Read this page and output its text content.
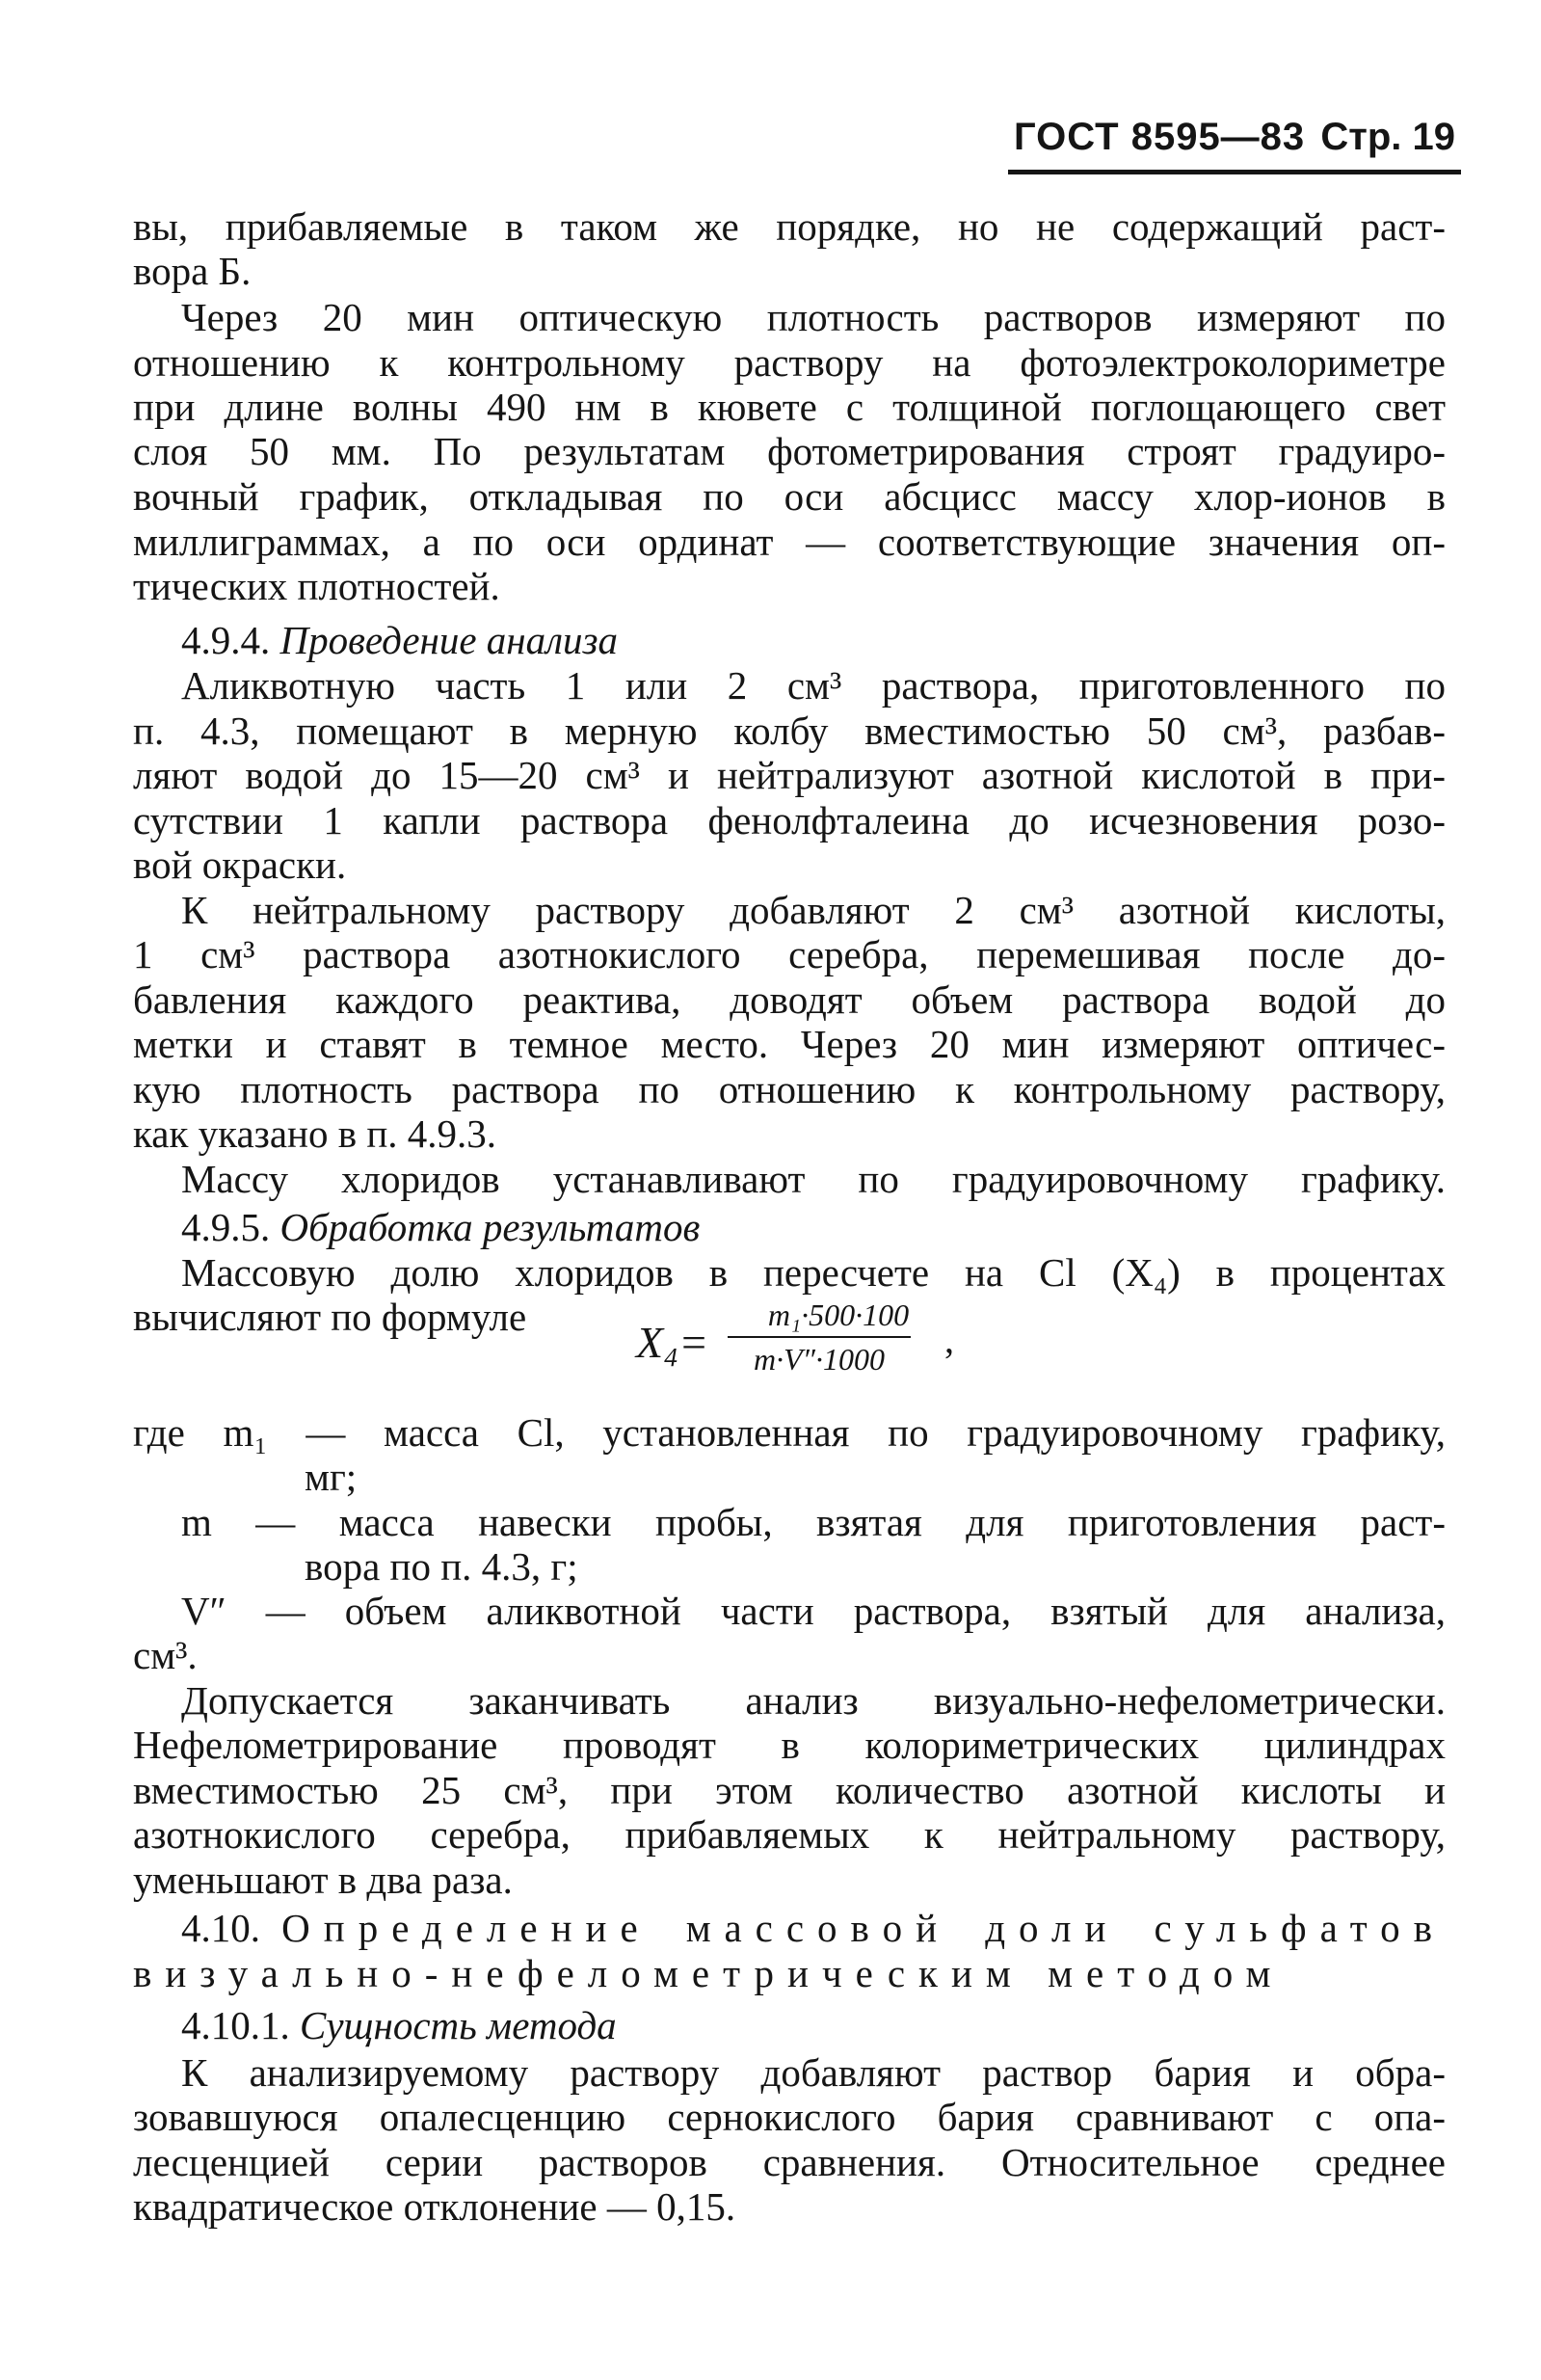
ГОСТ 8595—83 Стр. 19

вы, прибавляемые в таком же порядке, но не содержащий раст-

вора Б.

Через 20 мин оптическую плотность растворов измеряют по

отношению к контрольному раствору на фотоэлектроколориметре

при длине волны 490 нм в кювете с толщиной поглощающего свет

слоя 50 мм. По результатам фотометрирования строят градуиро-

вочный график, откладывая по оси абсцисс массу хлор-ионов в

миллиграммах, а по оси ординат — соответствующие значения оп-

тических плотностей.

Аликвотную часть 1 или 2 см³ раствора, приготовленного по

п. 4.3, помещают в мерную колбу вместимостью 50 см³, разбав-

ляют водой до 15—20 см³ и нейтрализуют азотной кислотой в при-

сутствии 1 капли раствора фенолфталеина до исчезновения розо-

вой окраски.

К нейтральному раствору добавляют 2 см³ азотной кислоты,

1 см³ раствора азотнокислого серебра, перемешивая после до-

бавления каждого реактива, доводят объем раствора водой до

метки и ставят в темное место. Через 20 мин измеряют оптичес-

кую плотность раствора по отношению к контрольному раствору,

как указано в п. 4.9.3.

Массу хлоридов устанавливают по градуировочному графику.

Массовую долю хлоридов в пересчете на Cl (X₄) в процентах

вычисляют по формуле

где m₁ — масса Cl, установленная по градуировочному графику,

мг;

m — масса навески пробы, взятая для приготовления раст-

вора по п. 4.3, г;

V″ — объем аликвотной части раствора, взятый для анализа,

см³.

Допускается заканчивать анализ визуально-нефелометрически.

Нефелометрирование проводят в колориметрических цилиндрах

вместимостью 25 см³, при этом количество азотной кислоты и

азотнокислого серебра, прибавляемых к нейтральному раствору,

уменьшают в два раза.

К анализируемому раствору добавляют раствор бария и обра-

зовавшуюся опалесценцию сернокислого бария сравнивают с опа-

лесценцией серии растворов сравнения. Относительное среднее

квадратическое отклонение — 0,15.

4.9.4. Проведение анализа

4.9.5. Обработка результатов

X₄=
m₁·500·100
m·V″·1000	,

4.10. Определение массовой доли сульфатов

визуально-нефелометрическим методом

4.10.1. Сущность метода
